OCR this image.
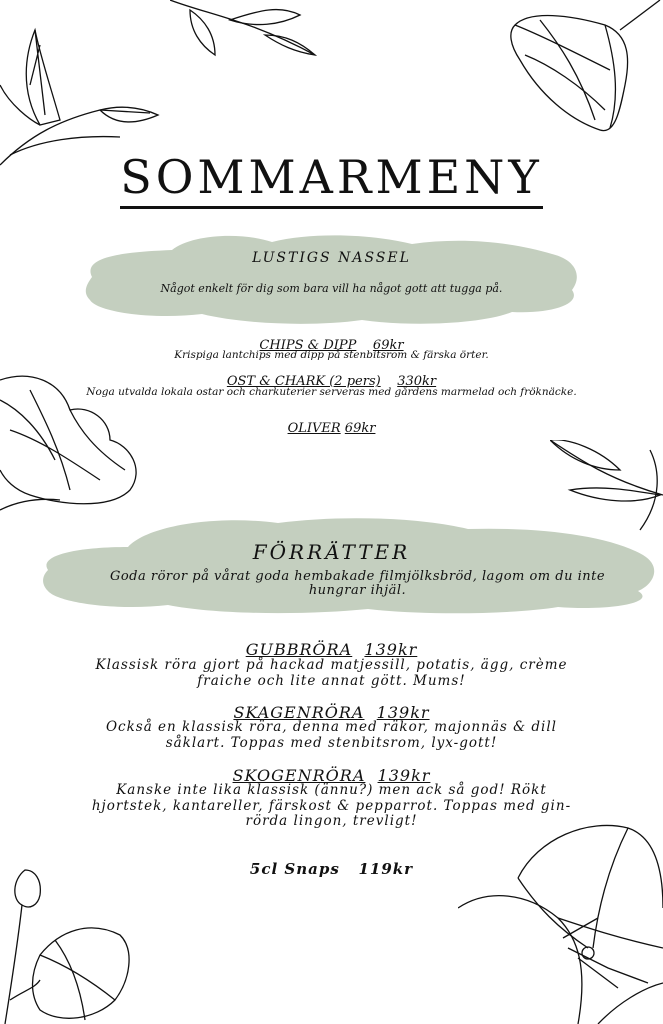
SOMMARMENY
LUSTIGS NASSEL
Något enkelt för dig som bara vill ha något gott att tugga på.
CHIPS & DIPP 69kr
Krispiga lantchips med dipp på stenbitsrom & färska örter.
OST & CHARK (2 pers) 330kr
Noga utvalda lokala ostar och charkuterier serveras med gårdens marmelad och fröknäcke.
OLIVER 69kr
FÖRRÄTTER
Goda röror på vårat goda hembakade filmjölksbröd, lagom om du inte hungrar ihjäl.
GUBBRÖRA 139kr
Klassisk röra gjort på hackad matjessill, potatis, ägg, crème fraiche och lite annat gött. Mums!
SKAGENRÖRA 139kr
Också en klassisk röra, denna med räkor, majonnäs & dill såklart. Toppas med stenbitsrom, lyx-gott!
SKOGENRÖRA 139kr
Kanske inte lika klassisk (ännu?) men ack så god! Rökt hjortstek, kantareller, färskost & pepparrot. Toppas med gin-rörda lingon, trevligt!
5cl Snaps 119kr
